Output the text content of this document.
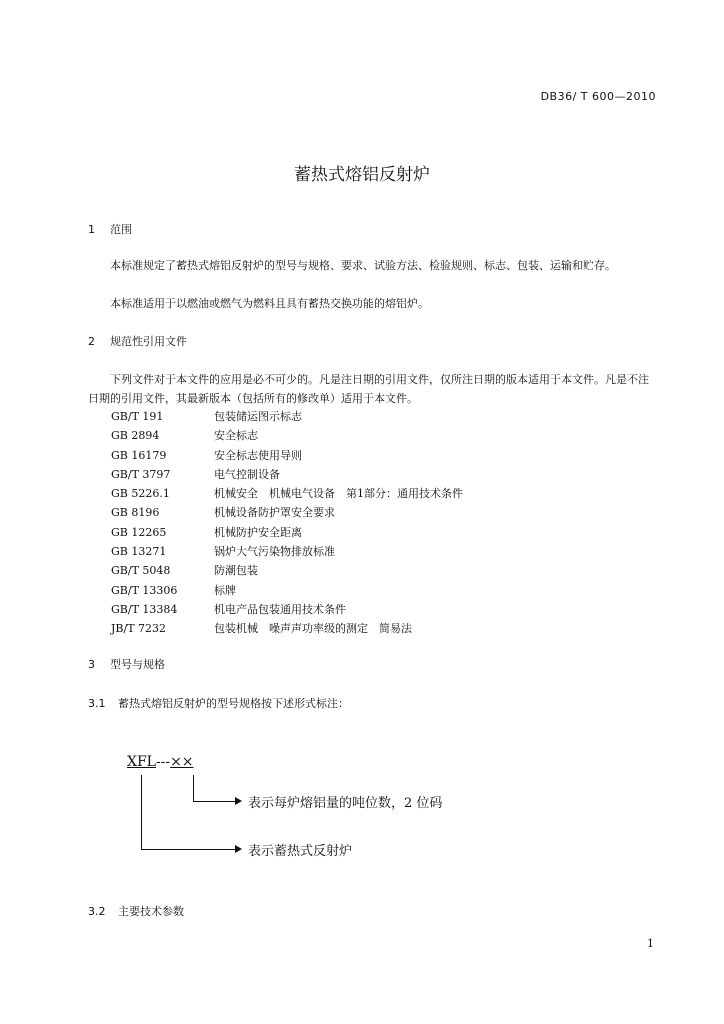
DB36/ T 600—2010
蓄热式熔铝反射炉
1 范围
本标准规定了蓄热式熔铝反射炉的型号与规格、要求、试验方法、检验规则、标志、包装、运输和贮存。
本标准适用于以燃油或燃气为燃料且具有蓄热交换功能的熔铝炉。
2 规范性引用文件
下列文件对于本文件的应用是必不可少的。凡是注日期的引用文件，仅所注日期的版本适用于本文件。凡是不注日期的引用文件，其最新版本（包括所有的修改单）适用于本文件。
GB/T 191	包装储运图示标志
GB 2894	安全标志
GB 16179	安全标志使用导则
GB/T 3797	电气控制设备
GB 5226.1	机械安全　机械电气设备　第1部分：通用技术条件
GB 8196	机械设备防护罩安全要求
GB 12265	机械防护安全距离
GB 13271	锅炉大气污染物排放标准
GB/T 5048	防潮包装
GB/T 13306	标牌
GB/T 13384	机电产品包装通用技术条件
JB/T 7232	包装机械　噪声声功率级的测定　简易法
3 型号与规格
3.1 蓄热式熔铝反射炉的型号规格按下述形式标注：
XFL---××
表示每炉熔铝量的吨位数，2 位码
表示蓄热式反射炉
3.2 主要技术参数
1
